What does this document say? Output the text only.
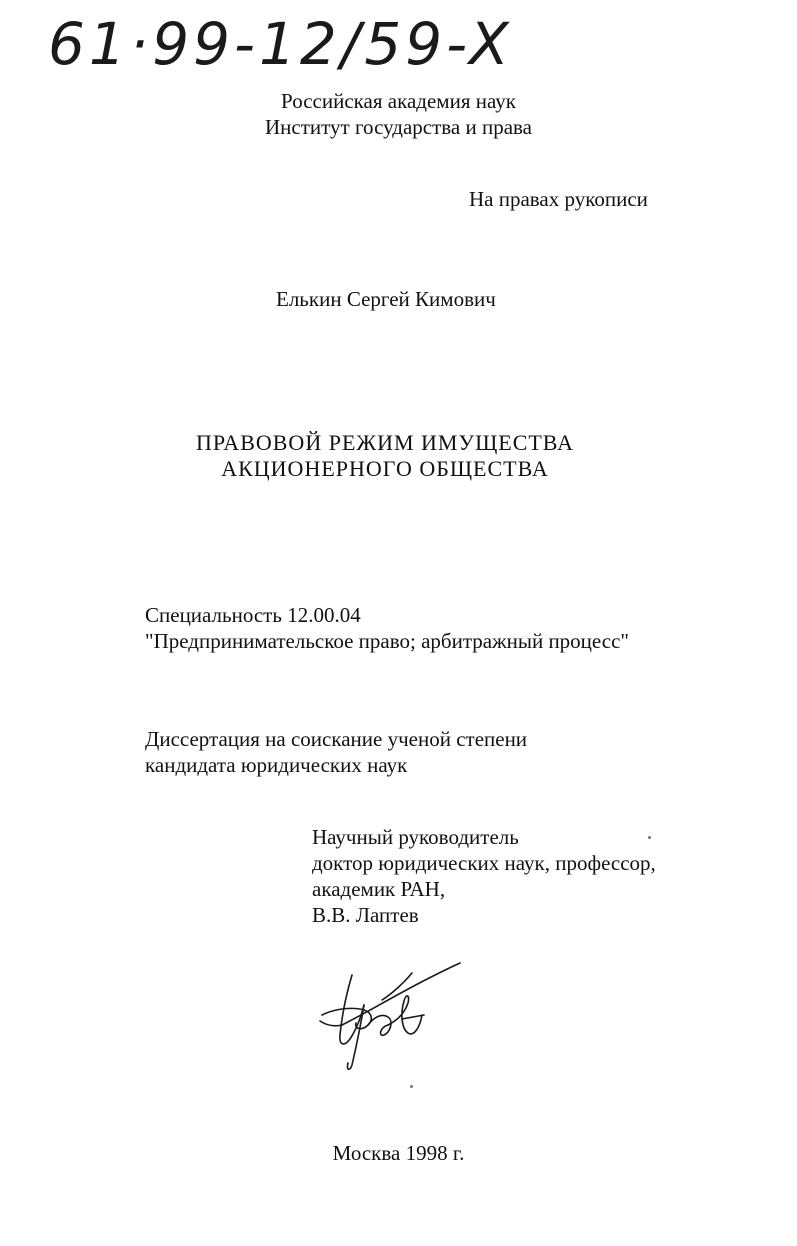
61·99-12/59-X
Российская академия наук
Институт государства и права
На правах рукописи
Елькин Сергей Кимович
ПРАВОВОЙ РЕЖИМ ИМУЩЕСТВА
АКЦИОНЕРНОГО ОБЩЕСТВА
Специальность 12.00.04
"Предпринимательское право; арбитражный процесс"
Диссертация на соискание ученой степени
кандидата юридических наук
Научный руководитель
доктор юридических наук, профессор,
академик РАН,
В.В. Лаптев
Москва 1998 г.
